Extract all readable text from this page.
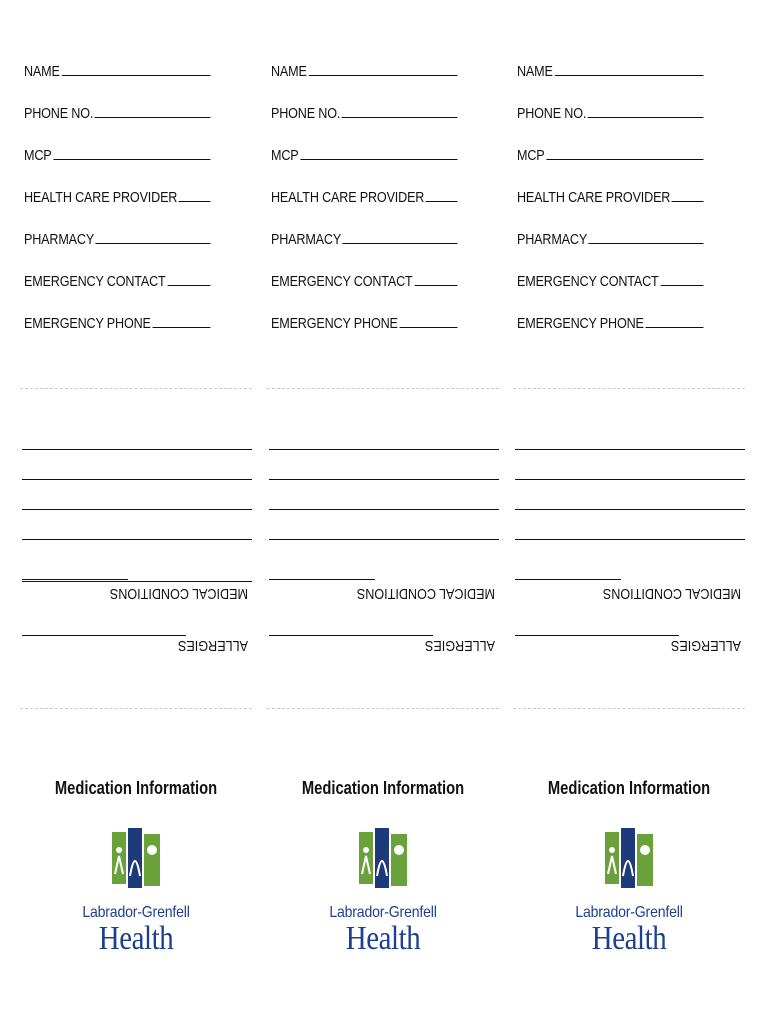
NAME
PHONE NO.
MCP
HEALTH CARE PROVIDER
PHARMACY
EMERGENCY CONTACT
EMERGENCY PHONE
MEDICAL CONDITIONS
ALLERGIES
Medication Information
Labrador-Grenfell
Health
NAME
PHONE NO.
MCP
HEALTH CARE PROVIDER
PHARMACY
EMERGENCY CONTACT
EMERGENCY PHONE
MEDICAL CONDITIONS
ALLERGIES
Medication Information
Labrador-Grenfell
Health
NAME
PHONE NO.
MCP
HEALTH CARE PROVIDER
PHARMACY
EMERGENCY CONTACT
EMERGENCY PHONE
MEDICAL CONDITIONS
ALLERGIES
Medication Information
Labrador-Grenfell
Health
